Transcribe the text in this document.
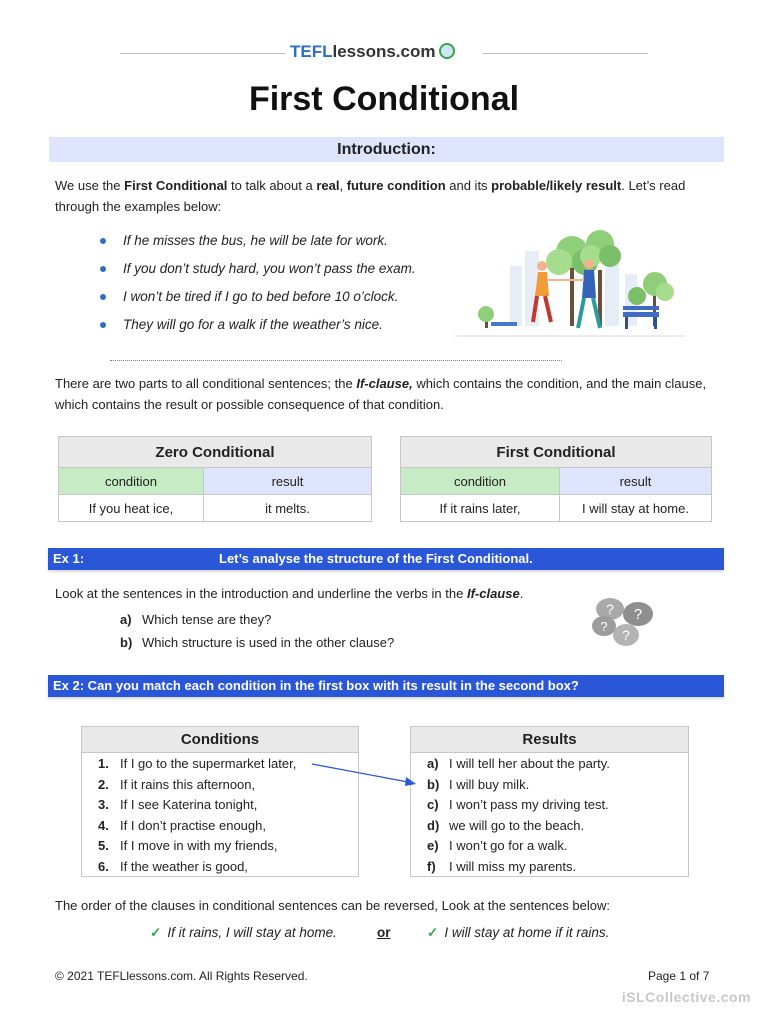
TEFLlessons.com
First Conditional
Introduction:

We use the First Conditional to talk about a real, future condition and its probable/likely result. Let’s read through the examples below:

If he misses the bus, he will be late for work.
If you don’t study hard, you won’t pass the exam.
I won’t be tired if I go to bed before 10 o’clock.
They will go for a walk if the weather’s nice.

There are two parts to all conditional sentences; the If-clause, which contains the condition, and the main clause, which contains the result or possible consequence of that condition.

Zero Conditional	
condition	result
If you heat ice,	it melts.
First Conditional	
condition	result
If it rains later,	I will stay at home.
Ex 1:	Let’s analyse the structure of the First Conditional.

Look at the sentences in the introduction and underline the verbs in the If-clause.

a) Which tense are they?
b) Which structure is used in the other clause?
? ?
?
?
Ex 2: Can you match each condition in the first box with its result in the second box?
Conditions
1. If I go to the supermarket later,
2. If it rains this afternoon,
3. If I see Katerina tonight,
4. If I don’t practise enough,
5. If I move in with my friends,
6. If the weather is good,
Results
a) I will tell her about the party.
b) I will buy milk.
c) I won’t pass my driving test.
d) we will go to the beach.
e) I won’t go for a walk.
f) I will miss my parents.

The order of the clauses in conditional sentences can be reversed, Look at the sentences below:

✓ If it rains, I will stay at home.	or	✓ I will stay at home if it rains.
© 2021 TEFLlessons.com. All Rights Reserved.	Page 1 of 7
iSLCollective.com
